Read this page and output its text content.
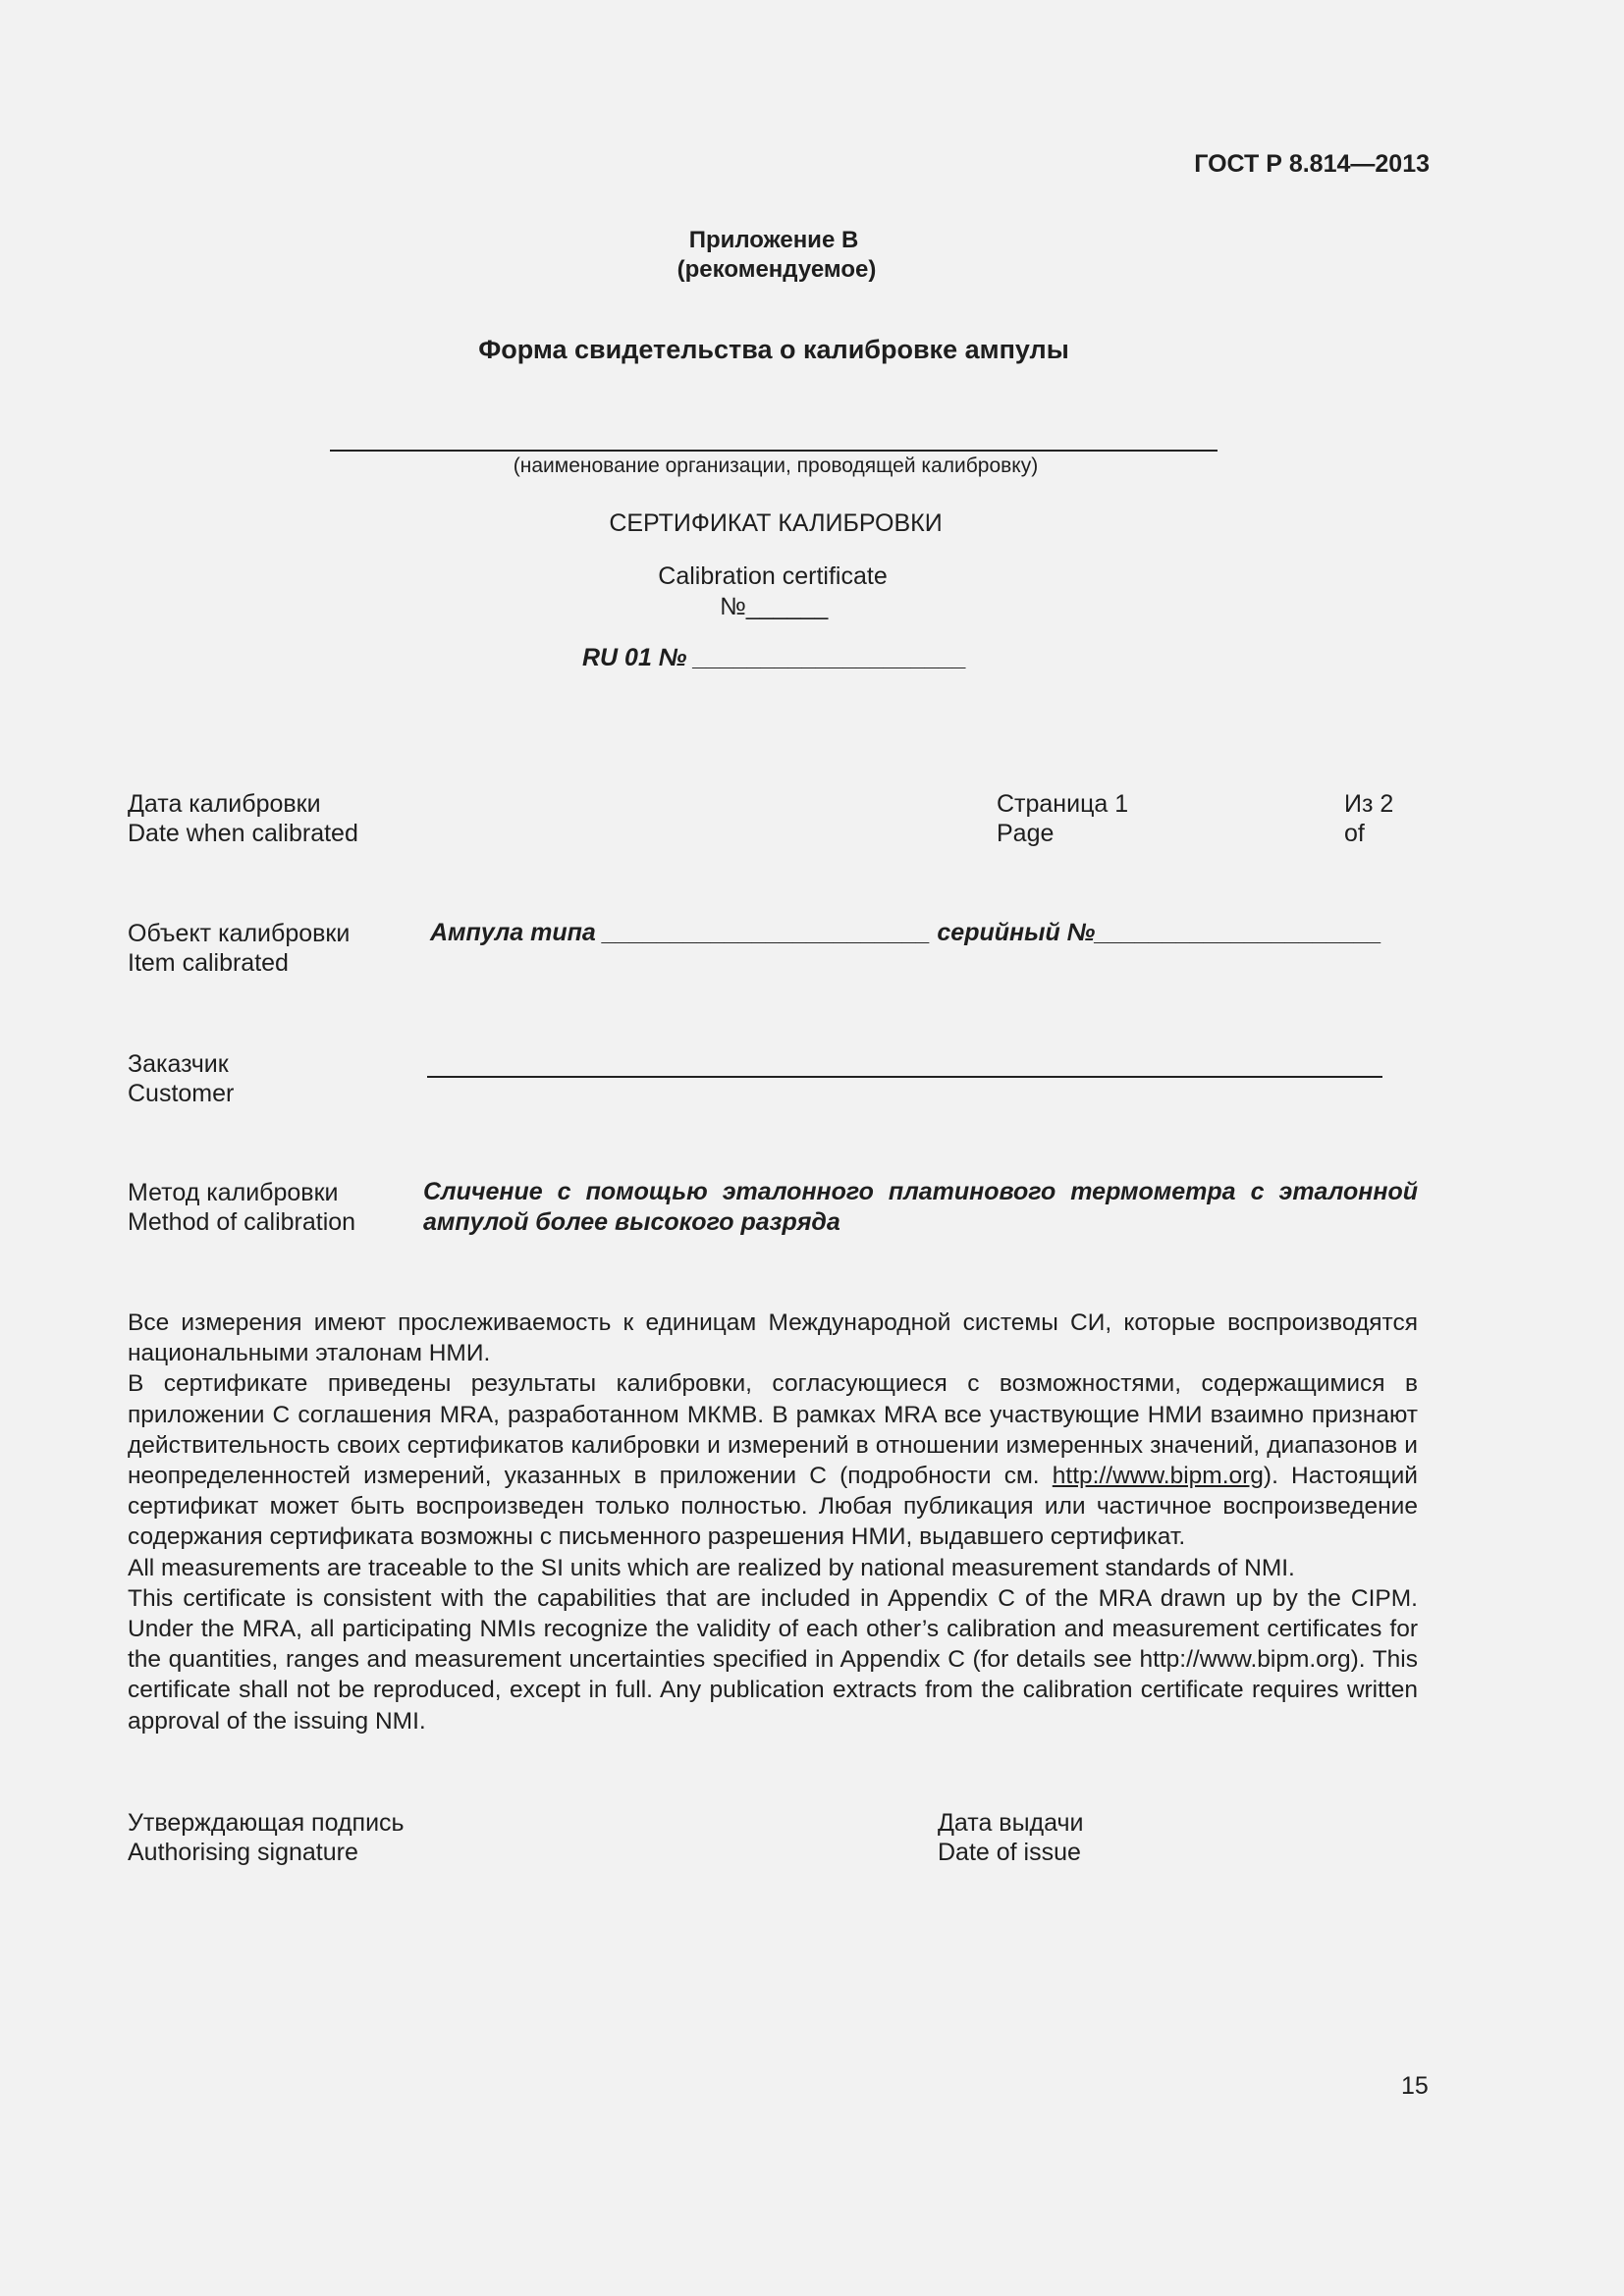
ГОСТ Р 8.814—2013
Приложение В
(рекомендуемое)
Форма свидетельства о калибровке ампулы
(наименование организации, проводящей калибровку)
СЕРТИФИКАТ КАЛИБРОВКИ
Calibration certificate
№______
RU 01 № ____________________
Дата калибровки
Date when calibrated
Страница 1
Page
Из 2
of
Объект калибровки
Item calibrated
Ампула типа ________________________ серийный №_____________________
Заказчик
Customer
Метод калибровки
Method of calibration
Сличение с помощью эталонного платинового термометра с эталонной
ампулой более высокого разряда

Все измерения имеют прослеживаемость к единицам Международной системы СИ, которые воспроизводятся национальными эталонам НМИ.

В сертификате приведены результаты калибровки, согласующиеся с возможностями, содержащимися в приложении С соглашения MRA, разработанном МКМВ. В рамках MRA все участвующие НМИ взаимно признают действительность своих сертификатов калибровки и измерений в отношении измеренных значений, диапазонов и неопределенностей измерений, указанных в приложении С (подробности см. http://www.bipm.org). Настоящий сертификат может быть воспроизведен только полностью. Любая публикация или частичное воспроизведение содержания сертификата возможны с письменного разрешения НМИ, выдавшего сертификат.

All measurements are traceable to the SI units which are realized by national measurement standards of NMI.

This certificate is consistent with the capabilities that are included in Appendix C of the MRA drawn up by the CIPM. Under the MRA, all participating NMIs recognize the validity of each other’s calibration and measurement certificates for the quantities, ranges and measurement uncertainties specified in Appendix C (for details see http://www.bipm.org). This certificate shall not be reproduced, except in full. Any publication extracts from the calibration certificate requires written approval of the issuing NMI.

Утверждающая подпись
Authorising signature
Дата выдачи
Date of issue
15
